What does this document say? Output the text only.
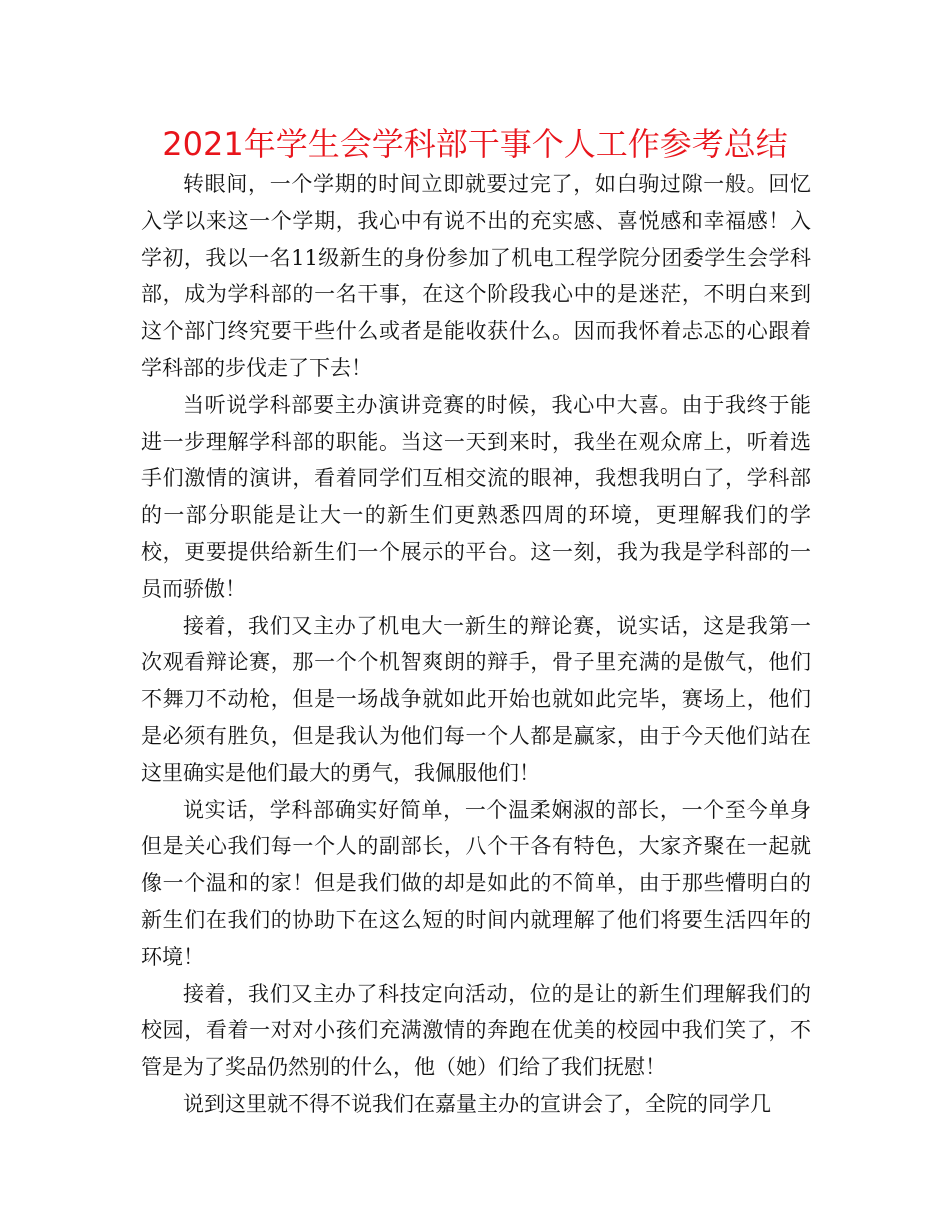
2021年学生会学科部干事个人工作参考总结

转眼间，一个学期的时间立即就要过完了，如白驹过隙一般。回忆入学以来这一个学期，我心中有说不出的充实感、喜悦感和幸福感！入学初，我以一名11级新生的身份参加了机电工程学院分团委学生会学科部，成为学科部的一名干事，在这个阶段我心中的是迷茫，不明白来到这个部门终究要干些什么或者是能收获什么。因而我怀着忐忑的心跟着学科部的步伐走了下去！

当听说学科部要主办演讲竞赛的时候，我心中大喜。由于我终于能进一步理解学科部的职能。当这一天到来时，我坐在观众席上，听着选手们激情的演讲，看着同学们互相交流的眼神，我想我明白了，学科部的一部分职能是让大一的新生们更熟悉四周的环境，更理解我们的学校，更要提供给新生们一个展示的平台。这一刻，我为我是学科部的一员而骄傲！

接着，我们又主办了机电大一新生的辩论赛，说实话，这是我第一次观看辩论赛，那一个个机智爽朗的辩手，骨子里充满的是傲气，他们不舞刀不动枪，但是一场战争就如此开始也就如此完毕，赛场上，他们是必须有胜负，但是我认为他们每一个人都是赢家，由于今天他们站在这里确实是他们最大的勇气，我佩服他们！

说实话，学科部确实好简单，一个温柔娴淑的部长，一个至今单身但是关心我们每一个人的副部长，八个干各有特色，大家齐聚在一起就像一个温和的家！但是我们做的却是如此的不简单，由于那些懵明白的新生们在我们的协助下在这么短的时间内就理解了他们将要生活四年的环境！

接着，我们又主办了科技定向活动，位的是让的新生们理解我们的校园，看着一对对小孩们充满激情的奔跑在优美的校园中我们笑了，不管是为了奖品仍然别的什么，他（她）们给了我们抚慰！

说到这里就不得不说我们在嘉量主办的宣讲会了，全院的同学几
